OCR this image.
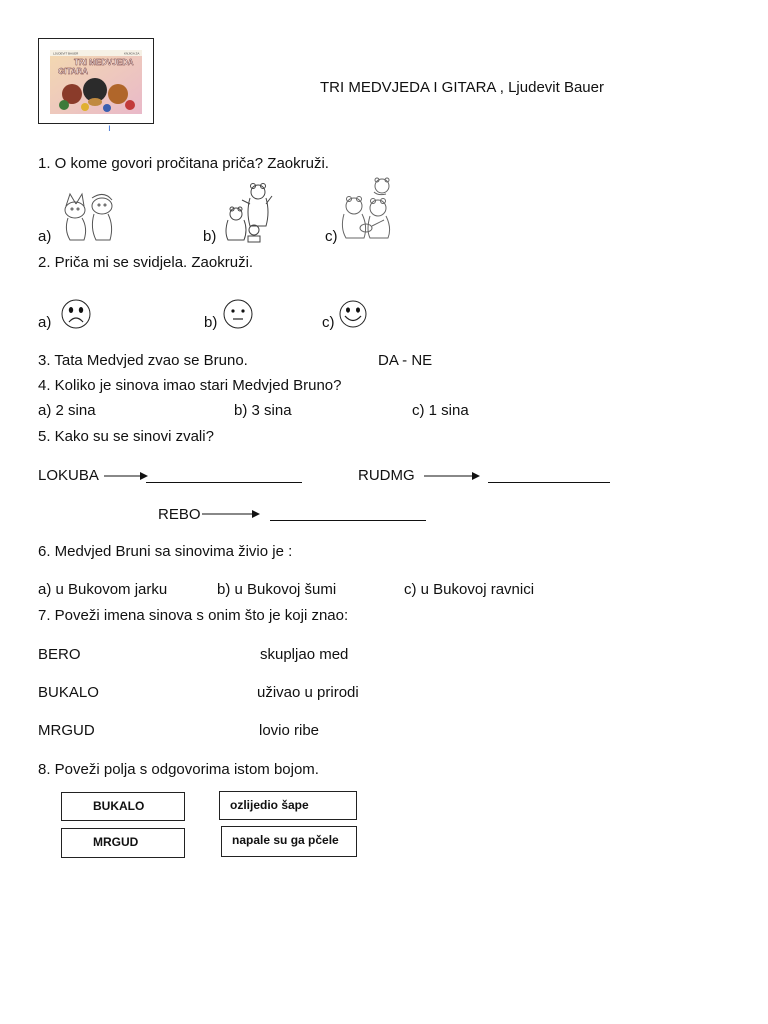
LJUDEVIT BAUER	KNJIGA ZA
TRI MEDVJEDA
GITARA
ı
TRI MEDVJEDA I GITARA , Ljudevit Bauer
1. O kome govori pročitana priča? Zaokruži.
a)	b)	c)
2. Priča mi se svidjela. Zaokruži.
a)	b)	c)
3. Tata Medvjed zvao se Bruno.	DA - NE
4. Koliko je sinova imao stari Medvjed Bruno?
a) 2 sina	b) 3 sina	c) 1 sina
5. Kako su se sinovi zvali?
LOKUBA	RUDMG
REBO
6. Medvjed Bruni sa sinovima živio je :
a) u Bukovom jarku	b) u Bukovoj šumi	c) u Bukovoj ravnici
7. Poveži imena sinova s onim što je koji znao:
BERO	skupljao med
BUKALO	uživao u prirodi
MRGUD	lovio ribe
8. Poveži polja s odgovorima istom bojom.
BUKALO	ozlijedio šape
MRGUD	napale su ga pčele
